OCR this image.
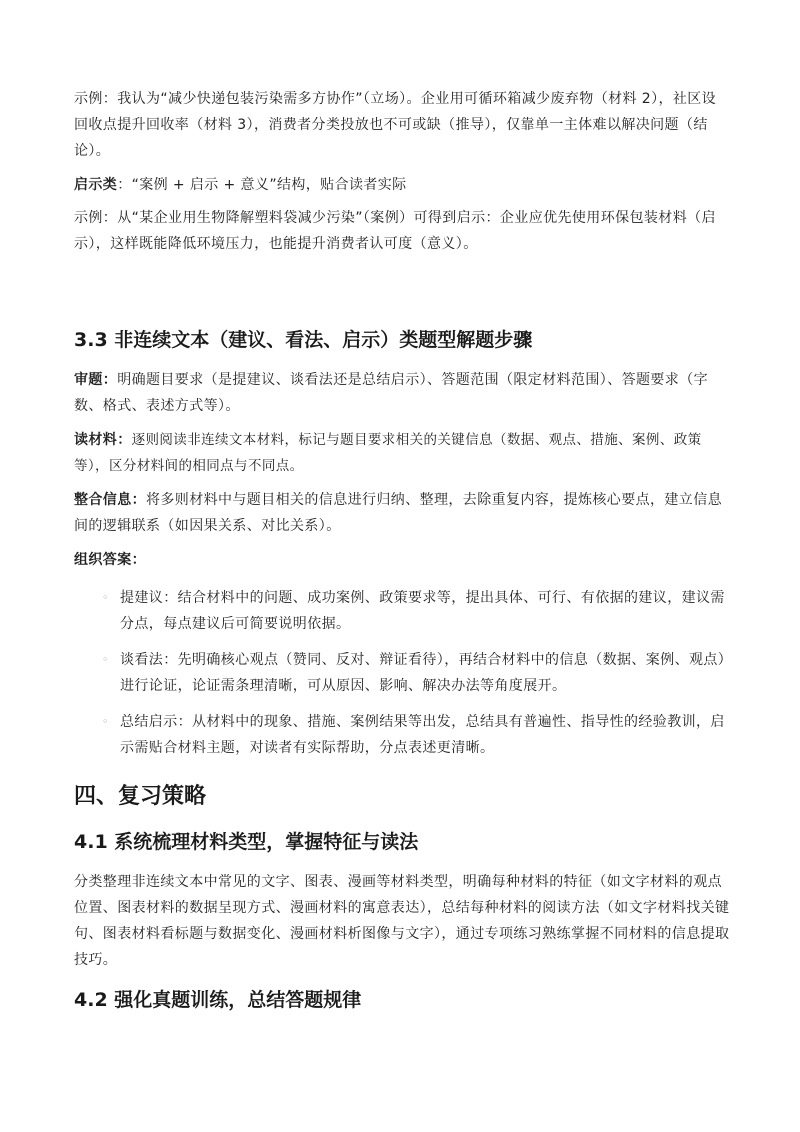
示例：我认为“减少快递包装污染需多方协作”（立场）。企业用可循环箱减少废弃物（材料 2），社区设回收点提升回收率（材料 3），消费者分类投放也不可或缺（推导），仅靠单一主体难以解决问题（结论）。

启示类：“案例 + 启示 + 意义”结构，贴合读者实际

示例：从“某企业用生物降解塑料袋减少污染”（案例）可得到启示：企业应优先使用环保包装材料（启示），这样既能降低环境压力，也能提升消费者认可度（意义）。

3.3 非连续文本（建议、看法、启示）类题型解题步骤

审题：明确题目要求（是提建议、谈看法还是总结启示）、答题范围（限定材料范围）、答题要求（字数、格式、表述方式等）。

读材料：逐则阅读非连续文本材料，标记与题目要求相关的关键信息（数据、观点、措施、案例、政策等），区分材料间的相同点与不同点。

整合信息：将多则材料中与题目相关的信息进行归纳、整理，去除重复内容，提炼核心要点，建立信息间的逻辑联系（如因果关系、对比关系）。

组织答案：

◦ 提建议：结合材料中的问题、成功案例、政策要求等，提出具体、可行、有依据的建议，建议需分点，每点建议后可简要说明依据。

◦ 谈看法：先明确核心观点（赞同、反对、辩证看待），再结合材料中的信息（数据、案例、观点）进行论证，论证需条理清晰，可从原因、影响、解决办法等角度展开。

◦ 总结启示：从材料中的现象、措施、案例结果等出发，总结具有普遍性、指导性的经验教训，启示需贴合材料主题，对读者有实际帮助，分点表述更清晰。

四、复习策略
4.1 系统梳理材料类型，掌握特征与读法

分类整理非连续文本中常见的文字、图表、漫画等材料类型，明确每种材料的特征（如文字材料的观点位置、图表材料的数据呈现方式、漫画材料的寓意表达），总结每种材料的阅读方法（如文字材料找关键句、图表材料看标题与数据变化、漫画材料析图像与文字），通过专项练习熟练掌握不同材料的信息提取技巧。

4.2 强化真题训练，总结答题规律
